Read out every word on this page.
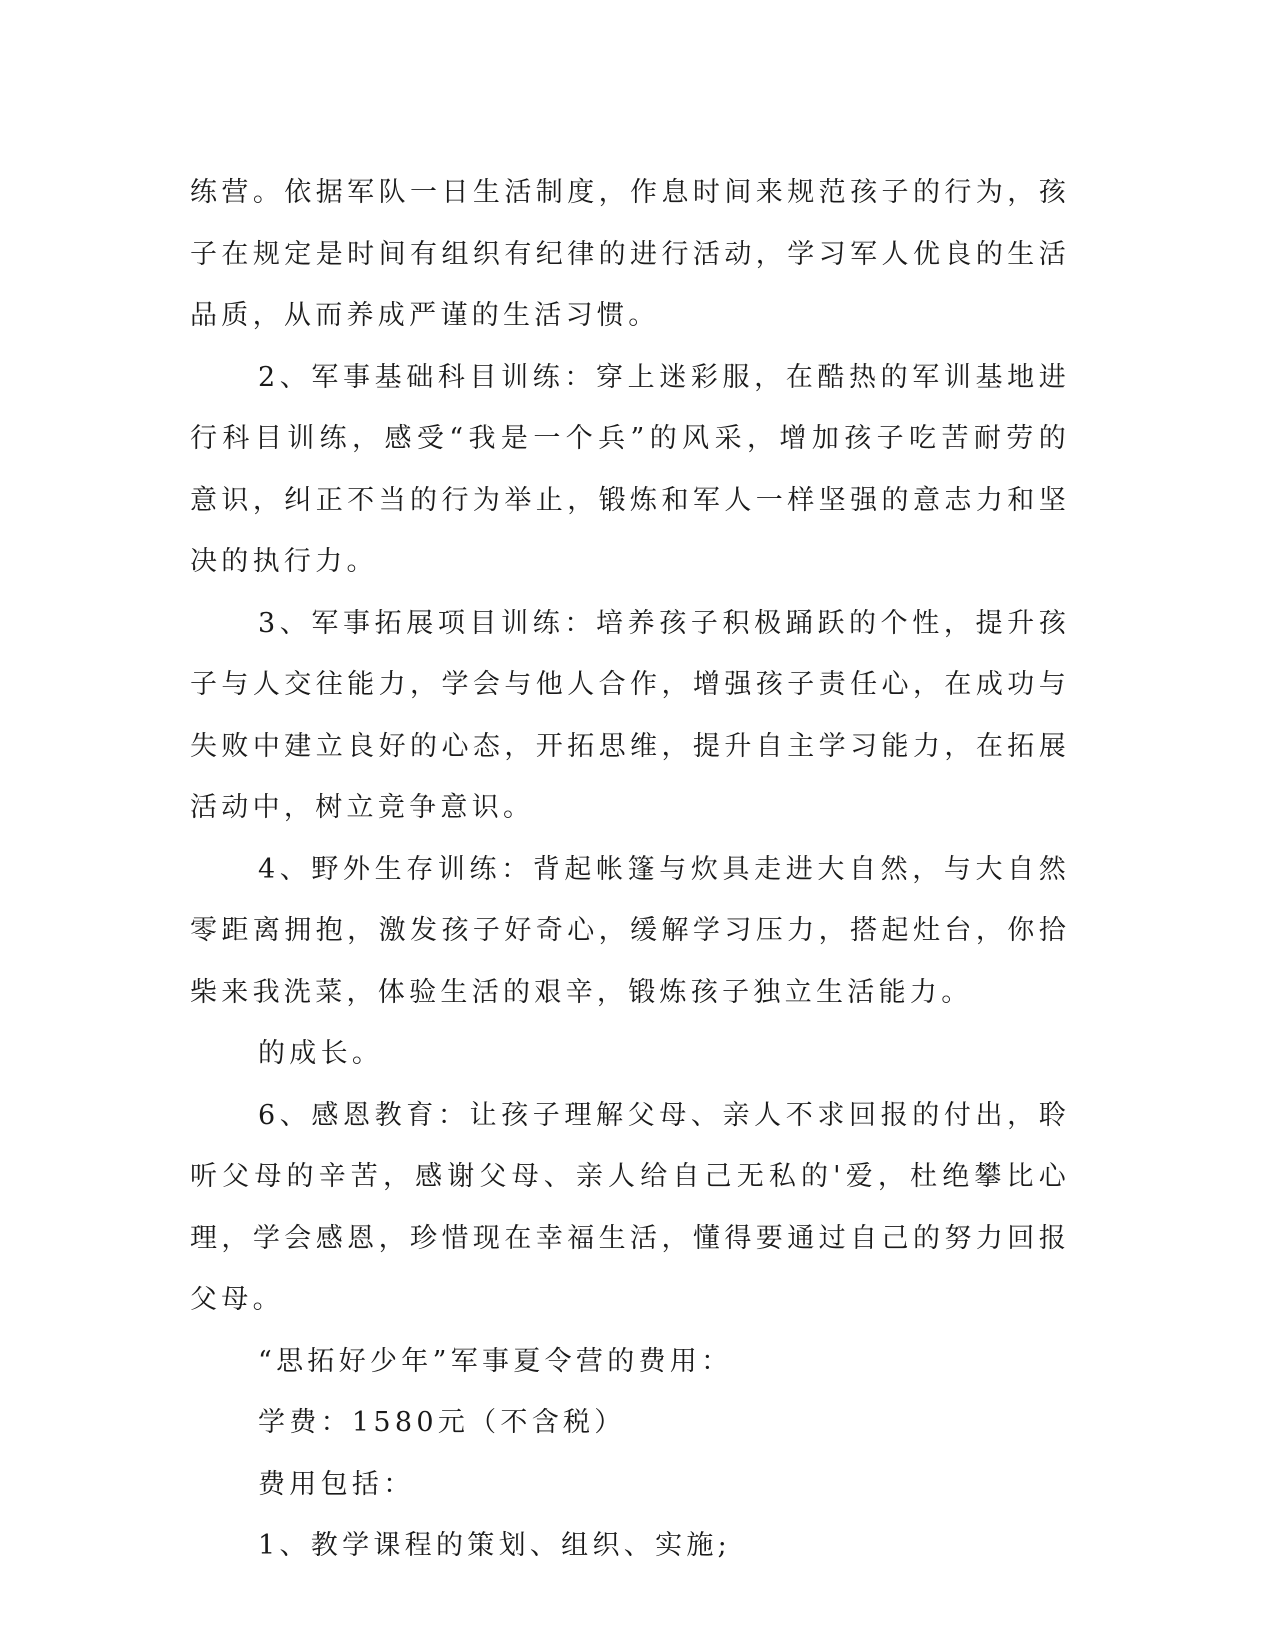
练营。依据军队一日生活制度，作息时间来规范孩子的行为，孩子在规定是时间有组织有纪律的进行活动，学习军人优良的生活品质，从而养成严谨的生活习惯。

2、军事基础科目训练：穿上迷彩服，在酷热的军训基地进行科目训练，感受“我是一个兵”的风采，增加孩子吃苦耐劳的意识，纠正不当的行为举止，锻炼和军人一样坚强的意志力和坚决的执行力。

3、军事拓展项目训练：培养孩子积极踊跃的个性，提升孩子与人交往能力，学会与他人合作，增强孩子责任心，在成功与失败中建立良好的心态，开拓思维，提升自主学习能力，在拓展活动中，树立竞争意识。

4、野外生存训练：背起帐篷与炊具走进大自然，与大自然零距离拥抱，激发孩子好奇心，缓解学习压力，搭起灶台，你拾柴来我洗菜，体验生活的艰辛，锻炼孩子独立生活能力。

的成长。

6、感恩教育：让孩子理解父母、亲人不求回报的付出，聆听父母的辛苦，感谢父母、亲人给自己无私的'爱，杜绝攀比心理，学会感恩，珍惜现在幸福生活，懂得要通过自己的努力回报父母。

“思拓好少年”军事夏令营的费用：

学费：1580元（不含税）

费用包括：

1、教学课程的策划、组织、实施;
